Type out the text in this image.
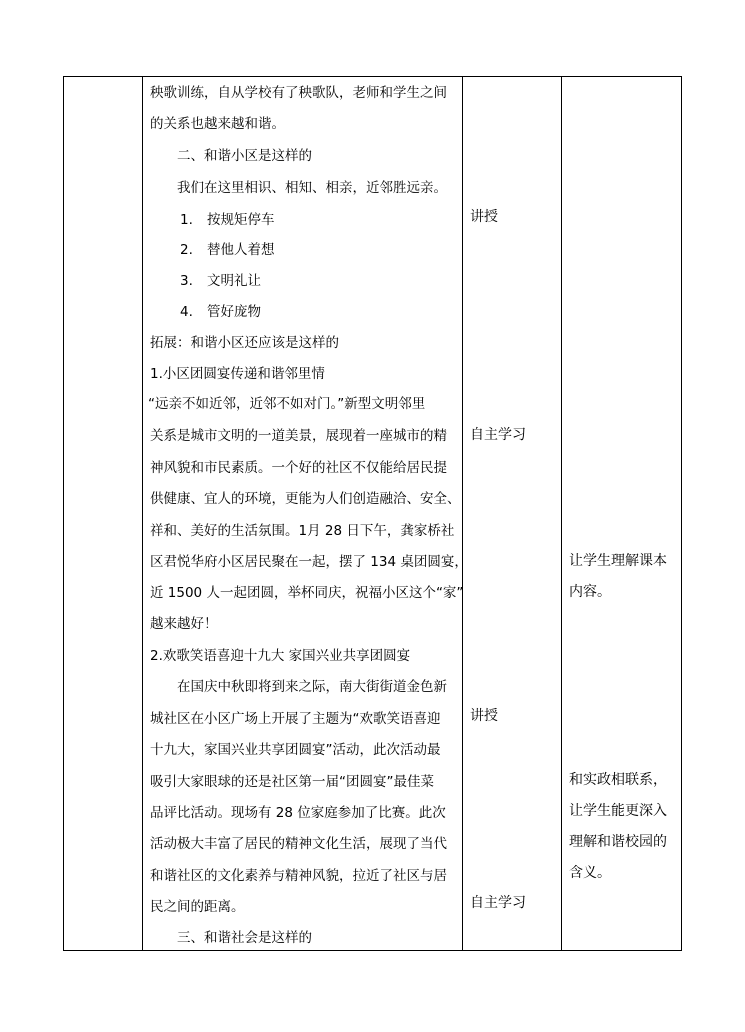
秧歌训练，自从学校有了秧歌队，老师和学生之间
的关系也越来越和谐。
二、和谐小区是这样的
我们在这里相识、相知、相亲，近邻胜远亲。
1. 按规矩停车
2. 替他人着想
3. 文明礼让
4. 管好庞物
拓展：和谐小区还应该是这样的
1.小区团圆宴传递和谐邻里情
“远亲不如近邻，近邻不如对门。”新型文明邻里
关系是城市文明的一道美景，展现着一座城市的精
神风貌和市民素质。一个好的社区不仅能给居民提
供健康、宜人的环境，更能为人们创造融洽、安全、
祥和、美好的生活氛围。1月 28 日下午，龚家桥社
区君悦华府小区居民聚在一起，摆了 134 桌团圆宴，
近 1500 人一起团圆，举杯同庆，祝福小区这个“家”
越来越好！
2.欢歌笑语喜迎十九大 家国兴业共享团圆宴
在国庆中秋即将到来之际，南大街街道金色新
城社区在小区广场上开展了主题为“欢歌笑语喜迎
十九大，家国兴业共享团圆宴”活动，此次活动最
吸引大家眼球的还是社区第一届“团圆宴”最佳菜
品评比活动。现场有 28 位家庭参加了比赛。此次
活动极大丰富了居民的精神文化生活，展现了当代
和谐社区的文化素养与精神风貌，拉近了社区与居
民之间的距离。
三、和谐社会是这样的
讲授
自主学习
讲授
自主学习
让学生理解课本
内容。
和实政相联系，
让学生能更深入
理解和谐校园的
含义。
